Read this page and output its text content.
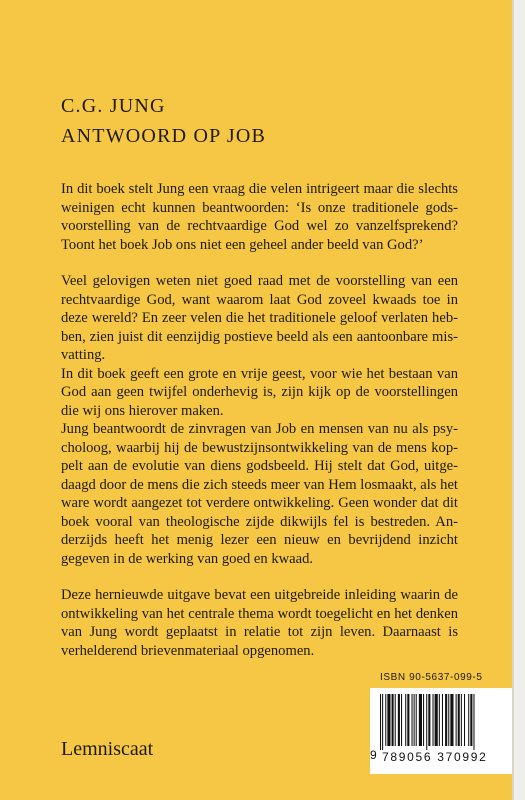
C.G. JUNG
ANTWOORD OP JOB

In dit boek stelt Jung een vraag die velen intrigeert maar die slechts weinigen echt kunnen beantwoorden: ‘Is onze traditionele godsvoorstelling van de rechtvaardige God wel zo vanzelfsprekend? Toont het boek Job ons niet een geheel ander beeld van God?’

Veel gelovigen weten niet goed raad met de voorstelling van een rechtvaardige God, want waarom laat God zoveel kwaads toe in deze wereld? En zeer velen die het traditionele geloof verlaten hebben, zien juist dit eenzijdig postieve beeld als een aantoonbare misvatting.

In dit boek geeft een grote en vrije geest, voor wie het bestaan van God aan geen twijfel onderhevig is, zijn kijk op de voorstellingen die wij ons hierover maken.

Jung beantwoordt de zinvragen van Job en mensen van nu als psycholoog, waarbij hij de bewustzijnsontwikkeling van de mens koppelt aan de evolutie van diens godsbeeld. Hij stelt dat God, uitgedaagd door de mens die zich steeds meer van Hem losmaakt, als het ware wordt aangezet tot verdere ontwikkeling. Geen wonder dat dit boek vooral van theologische zijde dikwijls fel is bestreden. Anderzijds heeft het menig lezer een nieuw en bevrijdend inzicht gegeven in de werking van goed en kwaad.

Deze hernieuwde uitgave bevat een uitgebreide inleiding waarin de ontwikkeling van het centrale thema wordt toegelicht en het denken van Jung wordt geplaatst in relatie tot zijn leven. Daarnaast is verhelderend brievenmateriaal opgenomen.

ISBN 90-5637-099-5
9 789056 370992
Lemniscaat
